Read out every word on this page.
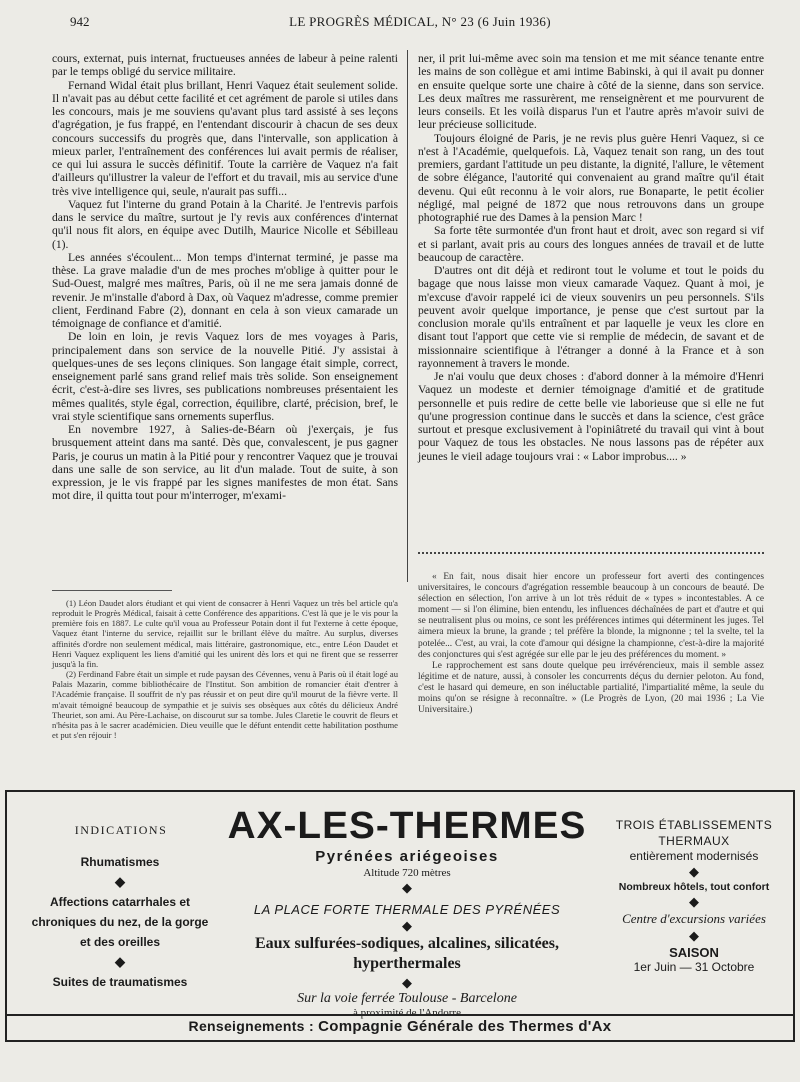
942	LE PROGRÈS MÉDICAL, N° 23 (6 Juin 1936)

cours, externat, puis internat, fructueuses années de labeur à peine ralenti par le temps obligé du service militaire.

Fernand Widal était plus brillant, Henri Vaquez était seulement solide. Il n'avait pas au début cette facilité et cet agrément de parole si utiles dans les concours, mais je me souviens qu'avant plus tard assisté à ses leçons d'agrégation, je fus frappé, en l'entendant discourir à chacun de ses deux concours successifs du progrès que, dans l'intervalle, son application à mieux parler, l'entraînement des conférences lui avait permis de réaliser, ce qui lui assura le succès définitif. Toute la carrière de Vaquez n'a fait d'ailleurs qu'illustrer la valeur de l'effort et du travail, mis au service d'une très vive intelligence qui, seule, n'aurait pas suffi...

Vaquez fut l'interne du grand Potain à la Charité. Je l'entrevis parfois dans le service du maître, surtout je l'y revis aux conférences d'internat qu'il nous fit alors, en équipe avec Dutilh, Maurice Nicolle et Sébilleau (1).

Les années s'écoulent... Mon temps d'internat terminé, je passe ma thèse. La grave maladie d'un de mes proches m'oblige à quitter pour le Sud-Ouest, malgré mes maîtres, Paris, où il ne me sera jamais donné de revenir. Je m'installe d'abord à Dax, où Vaquez m'adresse, comme premier client, Ferdinand Fabre (2), donnant en cela à son vieux camarade un témoignage de confiance et d'amitié.

De loin en loin, je revis Vaquez lors de mes voyages à Paris, principalement dans son service de la nouvelle Pitié. J'y assistai à quelques-unes de ses leçons cliniques. Son langage était simple, correct, enseignement parlé sans grand relief mais très solide. Son enseignement écrit, c'est-à-dire ses livres, ses publications nombreuses présentaient les mêmes qualités, style égal, correction, équilibre, clarté, précision, bref, le vrai style scientifique sans ornements superflus.

En novembre 1927, à Salies-de-Béarn où j'exerçais, je fus brusquement atteint dans ma santé. Dès que, convalescent, je pus gagner Paris, je courus un matin à la Pitié pour y rencontrer Vaquez que je trouvai dans une salle de son service, au lit d'un malade. Tout de suite, à son expression, je le vis frappé par les signes manifestes de mon état. Sans mot dire, il quitta tout pour m'interroger, m'exami-

ner, il prit lui-même avec soin ma tension et me mit séance tenante entre les mains de son collègue et ami intime Babinski, à qui il avait pu donner en ensuite quelque sorte une chaire à côté de la sienne, dans son service. Les deux maîtres me rassurèrent, me renseignèrent et me pourvurent de leurs conseils. Et les voilà disparus l'un et l'autre après m'avoir suivi de leur précieuse sollicitude.

Toujours éloigné de Paris, je ne revis plus guère Henri Vaquez, si ce n'est à l'Académie, quelquefois. Là, Vaquez tenait son rang, un des tout premiers, gardant l'attitude un peu distante, la dignité, l'allure, le vêtement de sobre élégance, l'autorité qui convenaient au grand maître qu'il était devenu. Qui eût reconnu à le voir alors, rue Bonaparte, le petit écolier négligé, mal peigné de 1872 que nous retrouvons dans un groupe photographié rue des Dames à la pension Marc !

Sa forte tête surmontée d'un front haut et droit, avec son regard si vif et si parlant, avait pris au cours des longues années de travail et de lutte beaucoup de caractère.

D'autres ont dit déjà et rediront tout le volume et tout le poids du bagage que nous laisse mon vieux camarade Vaquez. Quant à moi, je m'excuse d'avoir rappelé ici de vieux souvenirs un peu personnels. S'ils peuvent avoir quelque importance, je pense que c'est surtout par la conclusion morale qu'ils entraînent et par laquelle je veux les clore en disant tout l'apport que cette vie si remplie de médecin, de savant et de missionnaire scientifique à l'étranger a donné à la France et à son rayonnement à travers le monde.

Je n'ai voulu que deux choses : d'abord donner à la mémoire d'Henri Vaquez un modeste et dernier témoignage d'amitié et de gratitude personnelle et puis redire de cette belle vie laborieuse que si elle ne fut qu'une progression continue dans le succès et dans la science, c'est grâce surtout et presque exclusivement à l'opiniâtreté du travail qui vint à bout pour Vaquez de tous les obstacles. Ne nous lassons pas de répéter aux jeunes le vieil adage toujours vrai : « Labor improbus.... »

(1) Léon Daudet alors étudiant et qui vient de consacrer à Henri Vaquez un très bel article qu'a reproduit le Progrès Médical, faisait à cette Conférence des apparitions. C'est là que je le vis pour la première fois en 1887. Le culte qu'il voua au Professeur Potain dont il fut l'externe à cette époque, Vaquez étant l'interne du service, rejaillit sur le brillant élève du maître. Au surplus, diverses affinités d'ordre non seulement médical, mais littéraire, gastronomique, etc., entre Léon Daudet et Henri Vaquez expliquent les liens d'amitié qui les unirent dès lors et qui ne firent que se resserrer jusqu'à la fin.

(2) Ferdinand Fabre était un simple et rude paysan des Cévennes, venu à Paris où il était logé au Palais Mazarin, comme bibliothécaire de l'Institut. Son ambition de romancier était d'entrer à l'Académie française. Il souffrit de n'y pas réussir et on peut dire qu'il mourut de la fièvre verte. Il m'avait témoigné beaucoup de sympathie et je suivis ses obsèques aux côtés du délicieux André Theuriet, son ami. Au Père-Lachaise, on discourut sur sa tombe. Jules Claretie le couvrit de fleurs et n'hésita pas à le sacrer académicien. Dieu veuille que le défunt entendit cette habilitation posthume et put s'en réjouir !

« En fait, nous disait hier encore un professeur fort averti des contingences universitaires, le concours d'agrégation ressemble beaucoup à un concours de beauté. De sélection en sélection, l'on arrive à un lot très réduit de « types » incontestables. A ce moment — si l'on élimine, bien entendu, les influences déchaînées de part et d'autre et qui se neutralisent plus ou moins, ce sont les préférences intimes qui déterminent les juges. Tel aimera mieux la brune, la grande ; tel préfère la blonde, la mignonne ; tel la svelte, tel la potelée... C'est, au vrai, la cote d'amour qui désigne la championne, c'est-à-dire la majorité des conjonctures qui s'est agrégée sur elle par le jeu des préférences du moment. »

Le rapprochement est sans doute quelque peu irrévérencieux, mais il semble assez légitime et de nature, aussi, à consoler les concurrents déçus du dernier peloton. Au fond, c'est le hasard qui demeure, en son inéluctable partialité, l'impartialité même, la seule du moins qu'on se résigne à reconnaître. » (Le Progrès de Lyon, (20 mai 1936 ; La Vie Universitaire.)

INDICATIONS
Rhumatismes
◆
Affections catarrhales et chroniques du nez, de la gorge et des oreilles
◆
Suites de traumatismes
AX-LES-THERMES
Pyrénées ariégeoises
Altitude 720 mètres
◆
LA PLACE FORTE THERMALE DES PYRÉNÉES
◆
Eaux sulfurées-sodiques, alcalines, silicatées, hyperthermales
◆
Sur la voie ferrée Toulouse - Barcelone
à proximité de l'Andorre
TROIS ÉTABLISSEMENTS THERMAUX
entièrement modernisés
◆
Nombreux hôtels, tout confort
◆
Centre d'excursions variées
◆
SAISON
1er Juin — 31 Octobre
Renseignements : Compagnie Générale des Thermes d'Ax
